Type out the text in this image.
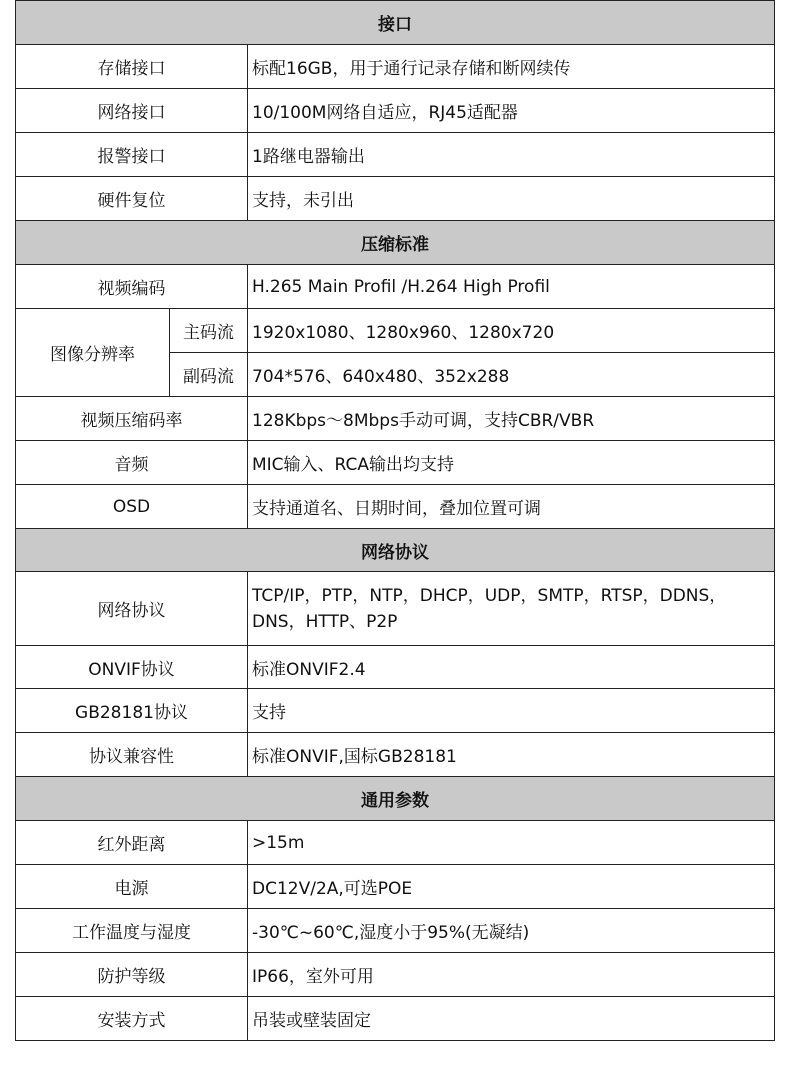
接口		
存储接口		标配16GB，用于通行记录存储和断网续传
网络接口		10/100M网络自适应，RJ45适配器
报警接口		1路继电器输出
硬件复位		支持，未引出
压缩标准		
视频编码		H.265 Main Profil /H.264 High Profil
图像分辨率	主码流	1920x1080、1280x960、1280x720
	副码流	704*576、640x480、352x288
视频压缩码率		128Kbps～8Mbps手动可调，支持CBR/VBR
音频		MIC输入、RCA输出均支持
OSD		支持通道名、日期时间，叠加位置可调
网络协议		
网络协议		TCP/IP，PTP，NTP，DHCP，UDP，SMTP，RTSP，DDNS，DNS，HTTP、P2P
ONVIF协议		标准ONVIF2.4
GB28181协议		支持
协议兼容性		标准ONVIF,国标GB28181
通用参数		
红外距离		>15m
电源		DC12V/2A,可选POE
工作温度与湿度		-30℃~60℃,湿度小于95%(无凝结)
防护等级		IP66，室外可用
安装方式		吊装或壁装固定
